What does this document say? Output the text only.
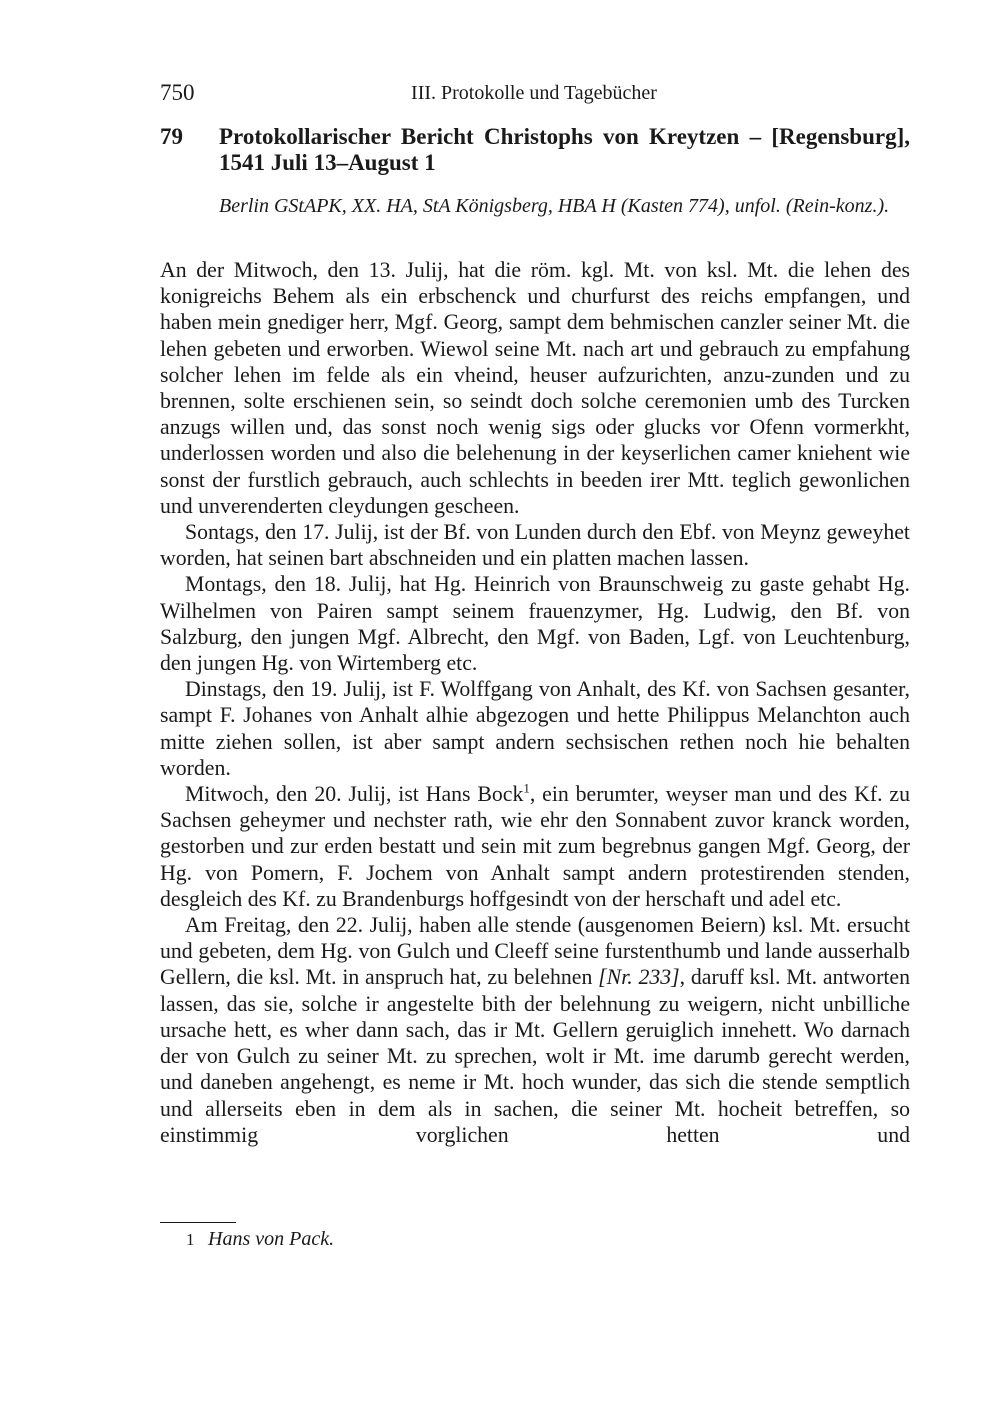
750	III. Protokolle und Tagebücher
79 Protokollarischer Bericht Christophs von Kreytzen – [Regensburg], 1541 Juli 13–August 1
Berlin GStAPK, XX. HA, StA Königsberg, HBA H (Kasten 774), unfol. (Rein-konz.).

An der Mitwoch, den 13. Julij, hat die röm. kgl. Mt. von ksl. Mt. die lehen des konigreichs Behem als ein erbschenck und churfurst des reichs empfangen, und haben mein gnediger herr, Mgf. Georg, sampt dem behmischen canzler seiner Mt. die lehen gebeten und erworben. Wiewol seine Mt. nach art und gebrauch zu empfahung solcher lehen im felde als ein vheind, heuser aufzurichten, anzu-zunden und zu brennen, solte erschienen sein, so seindt doch solche ceremonien umb des Turcken anzugs willen und, das sonst noch wenig sigs oder glucks vor Ofenn vormerkht, underlossen worden und also die belehenung in der keyserlichen camer kniehent wie sonst der furstlich gebrauch, auch schlechts in beeden irer Mtt. teglich gewonlichen und unverenderten cleydungen gescheen.

Sontags, den 17. Julij, ist der Bf. von Lunden durch den Ebf. von Meynz geweyhet worden, hat seinen bart abschneiden und ein platten machen lassen.

Montags, den 18. Julij, hat Hg. Heinrich von Braunschweig zu gaste gehabt Hg. Wilhelmen von Pairen sampt seinem frauenzymer, Hg. Ludwig, den Bf. von Salzburg, den jungen Mgf. Albrecht, den Mgf. von Baden, Lgf. von Leuchtenburg, den jungen Hg. von Wirtemberg etc.

Dinstags, den 19. Julij, ist F. Wolffgang von Anhalt, des Kf. von Sachsen gesanter, sampt F. Johanes von Anhalt alhie abgezogen und hette Philippus Melanchton auch mitte ziehen sollen, ist aber sampt andern sechsischen rethen noch hie behalten worden.

Mitwoch, den 20. Julij, ist Hans Bock$^1$, ein berumter, weyser man und des Kf. zu Sachsen geheymer und nechster rath, wie ehr den Sonnabent zuvor kranck worden, gestorben und zur erden bestatt und sein mit zum begrebnus gangen Mgf. Georg, der Hg. von Pomern, F. Jochem von Anhalt sampt andern protestirenden stenden, desgleich des Kf. zu Brandenburgs hoffgesindt von der herschaft und adel etc.

Am Freitag, den 22. Julij, haben alle stende (ausgenomen Beiern) ksl. Mt. ersucht und gebeten, dem Hg. von Gulch und Cleeff seine furstenthumb und lande ausserhalb Gellern, die ksl. Mt. in anspruch hat, zu belehnen [Nr. 233], daruff ksl. Mt. antworten lassen, das sie, solche ir angestelte bith der belehnung zu weigern, nicht unbilliche ursache hett, es wher dann sach, das ir Mt. Gellern geruiglich innehett. Wo darnach der von Gulch zu seiner Mt. zu sprechen, wolt ir Mt. ime darumb gerecht werden, und daneben angehengt, es neme ir Mt. hoch wunder, das sich die stende semptlich und allerseits eben in dem als in sachen, die seiner Mt. hocheit betreffen, so einstimmig vorglichen hetten und

1 Hans von Pack.
